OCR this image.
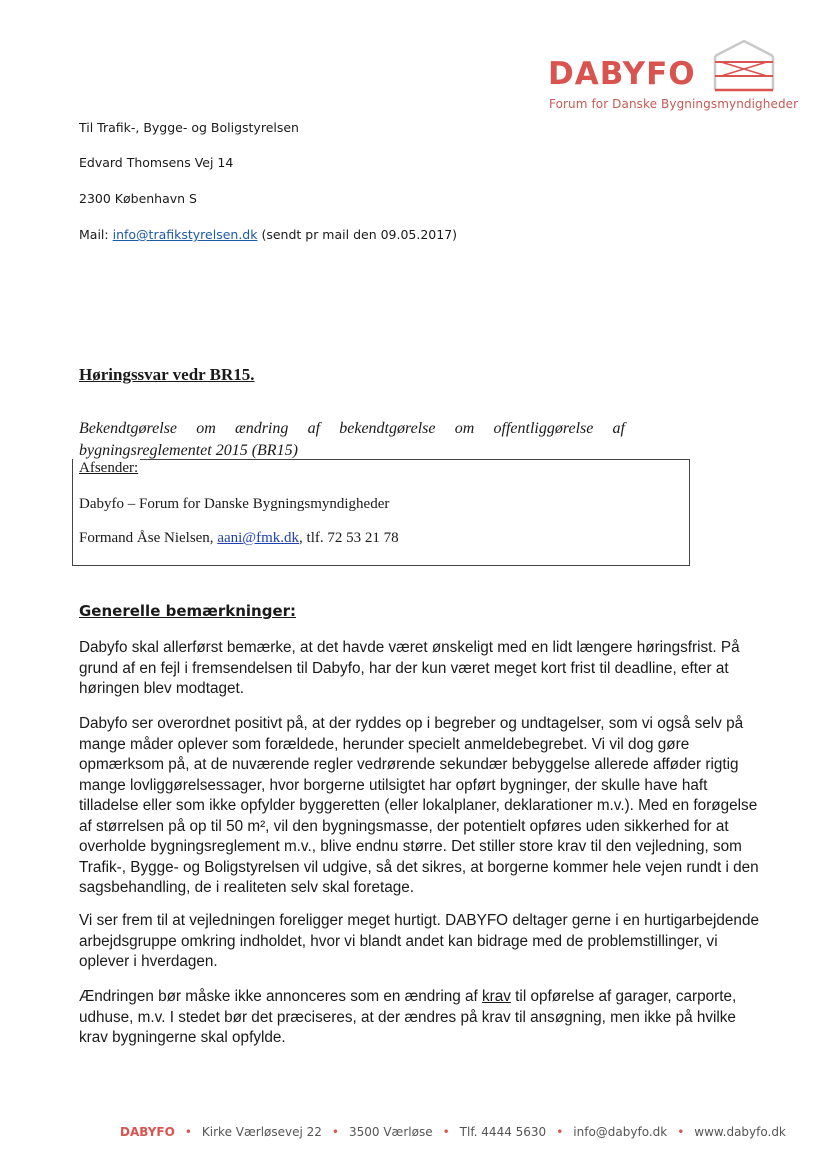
DABYFO
Forum for Danske Bygningsmyndigheder
Til Trafik-, Bygge- og Boligstyrelsen
Edvard Thomsens Vej 14
2300 København S
Mail: info@trafikstyrelsen.dk (sendt pr mail den 09.05.2017)
Høringssvar vedr BR15.
Bekendtgørelse om ændring af bekendtgørelse om offentliggørelse af
bygningsreglementet 2015 (BR15)
Afsender:
Dabyfo – Forum for Danske Bygningsmyndigheder
Formand Åse Nielsen, aani@fmk.dk, tlf. 72 53 21 78
Generelle bemærkninger:
Dabyfo skal allerførst bemærke, at det havde været ønskeligt med en lidt længere høringsfrist. På grund af en fejl i fremsendelsen til Dabyfo, har der kun været meget kort frist til deadline, efter at høringen blev modtaget.
Dabyfo ser overordnet positivt på, at der ryddes op i begreber og undtagelser, som vi også selv på mange måder oplever som forældede, herunder specielt anmeldebegrebet. Vi vil dog gøre opmærksom på, at de nuværende regler vedrørende sekundær bebyggelse allerede afføder rigtig mange lovliggørelsessager, hvor borgerne utilsigtet har opført bygninger, der skulle have haft tilladelse eller som ikke opfylder byggeretten (eller lokalplaner, deklarationer m.v.). Med en forøgelse af størrelsen på op til 50 m², vil den bygningsmasse, der potentielt opføres uden sikkerhed for at overholde bygningsreglement m.v., blive endnu større. Det stiller store krav til den vejledning, som Trafik-, Bygge- og Boligstyrelsen vil udgive, så det sikres, at borgerne kommer hele vejen rundt i den sagsbehandling, de i realiteten selv skal foretage.
Vi ser frem til at vejledningen foreligger meget hurtigt. DABYFO deltager gerne i en hurtigarbejdende arbejdsgruppe omkring indholdet, hvor vi blandt andet kan bidrage med de problemstillinger, vi oplever i hverdagen.
Ændringen bør måske ikke annonceres som en ændring af krav til opførelse af garager, carporte, udhuse, m.v. I stedet bør det præciseres, at der ændres på krav til ansøgning, men ikke på hvilke krav bygningerne skal opfylde.
DABYFO • Kirke Værløsevej 22 • 3500 Værløse • Tlf. 4444 5630 • info@dabyfo.dk • www.dabyfo.dk
